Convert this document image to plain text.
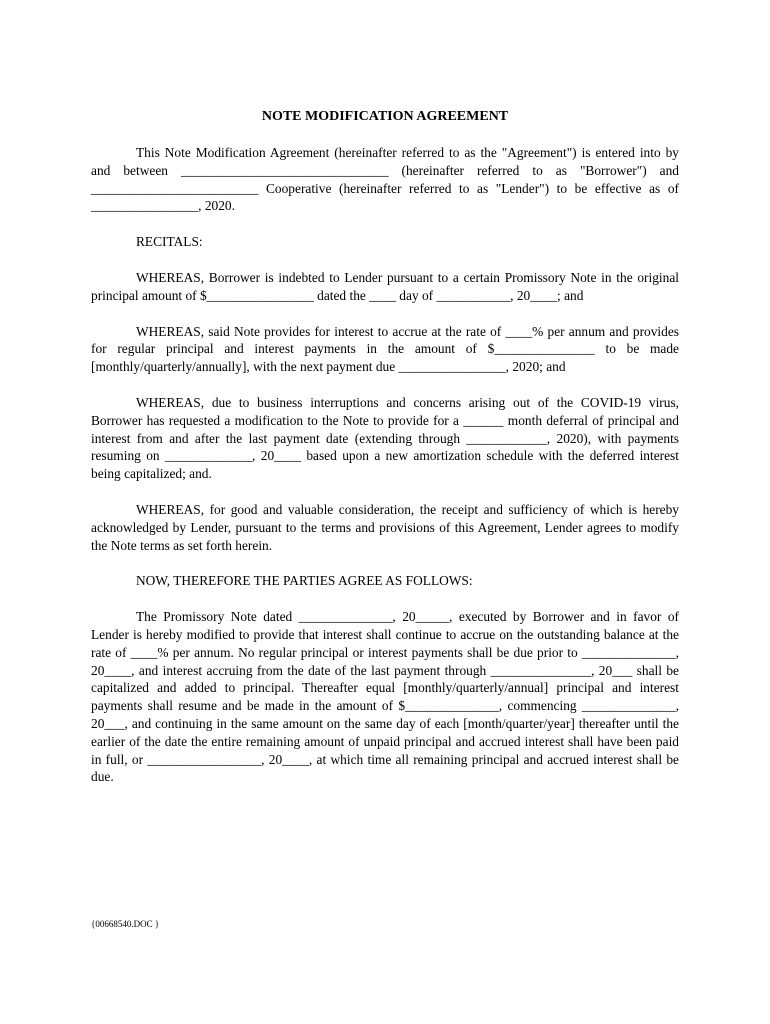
NOTE MODIFICATION AGREEMENT

This Note Modification Agreement (hereinafter referred to as the "Agreement") is entered into by and between _______________________________ (hereinafter referred to as "Borrower") and _________________________ Cooperative (hereinafter referred to as "Lender") to be effective as of ________________, 2020.

RECITALS:

WHEREAS, Borrower is indebted to Lender pursuant to a certain Promissory Note in the original principal amount of $________________ dated the ____ day of ___________, 20____; and

WHEREAS, said Note provides for interest to accrue at the rate of ____% per annum and provides for regular principal and interest payments in the amount of $_______________ to be made [monthly/quarterly/annually], with the next payment due ________________, 2020; and

WHEREAS, due to business interruptions and concerns arising out of the COVID-19 virus, Borrower has requested a modification to the Note to provide for a ______ month deferral of principal and interest from and after the last payment date (extending through ____________, 2020), with payments resuming on _____________, 20____ based upon a new amortization schedule with the deferred interest being capitalized; and.

WHEREAS, for good and valuable consideration, the receipt and sufficiency of which is hereby acknowledged by Lender, pursuant to the terms and provisions of this Agreement, Lender agrees to modify the Note terms as set forth herein.

NOW, THEREFORE THE PARTIES AGREE AS FOLLOWS:

The Promissory Note dated ______________, 20_____, executed by Borrower and in favor of Lender is hereby modified to provide that interest shall continue to accrue on the outstanding balance at the rate of ____% per annum. No regular principal or interest payments shall be due prior to ______________, 20____, and interest accruing from the date of the last payment through _______________, 20___ shall be capitalized and added to principal. Thereafter equal [monthly/quarterly/annual] principal and interest payments shall resume and be made in the amount of $______________, commencing ______________, 20___, and continuing in the same amount on the same day of each [month/quarter/year] thereafter until the earlier of the date the entire remaining amount of unpaid principal and accrued interest shall have been paid in full, or _________________, 20____, at which time all remaining principal and accrued interest shall be due.

{00668540.DOC }
